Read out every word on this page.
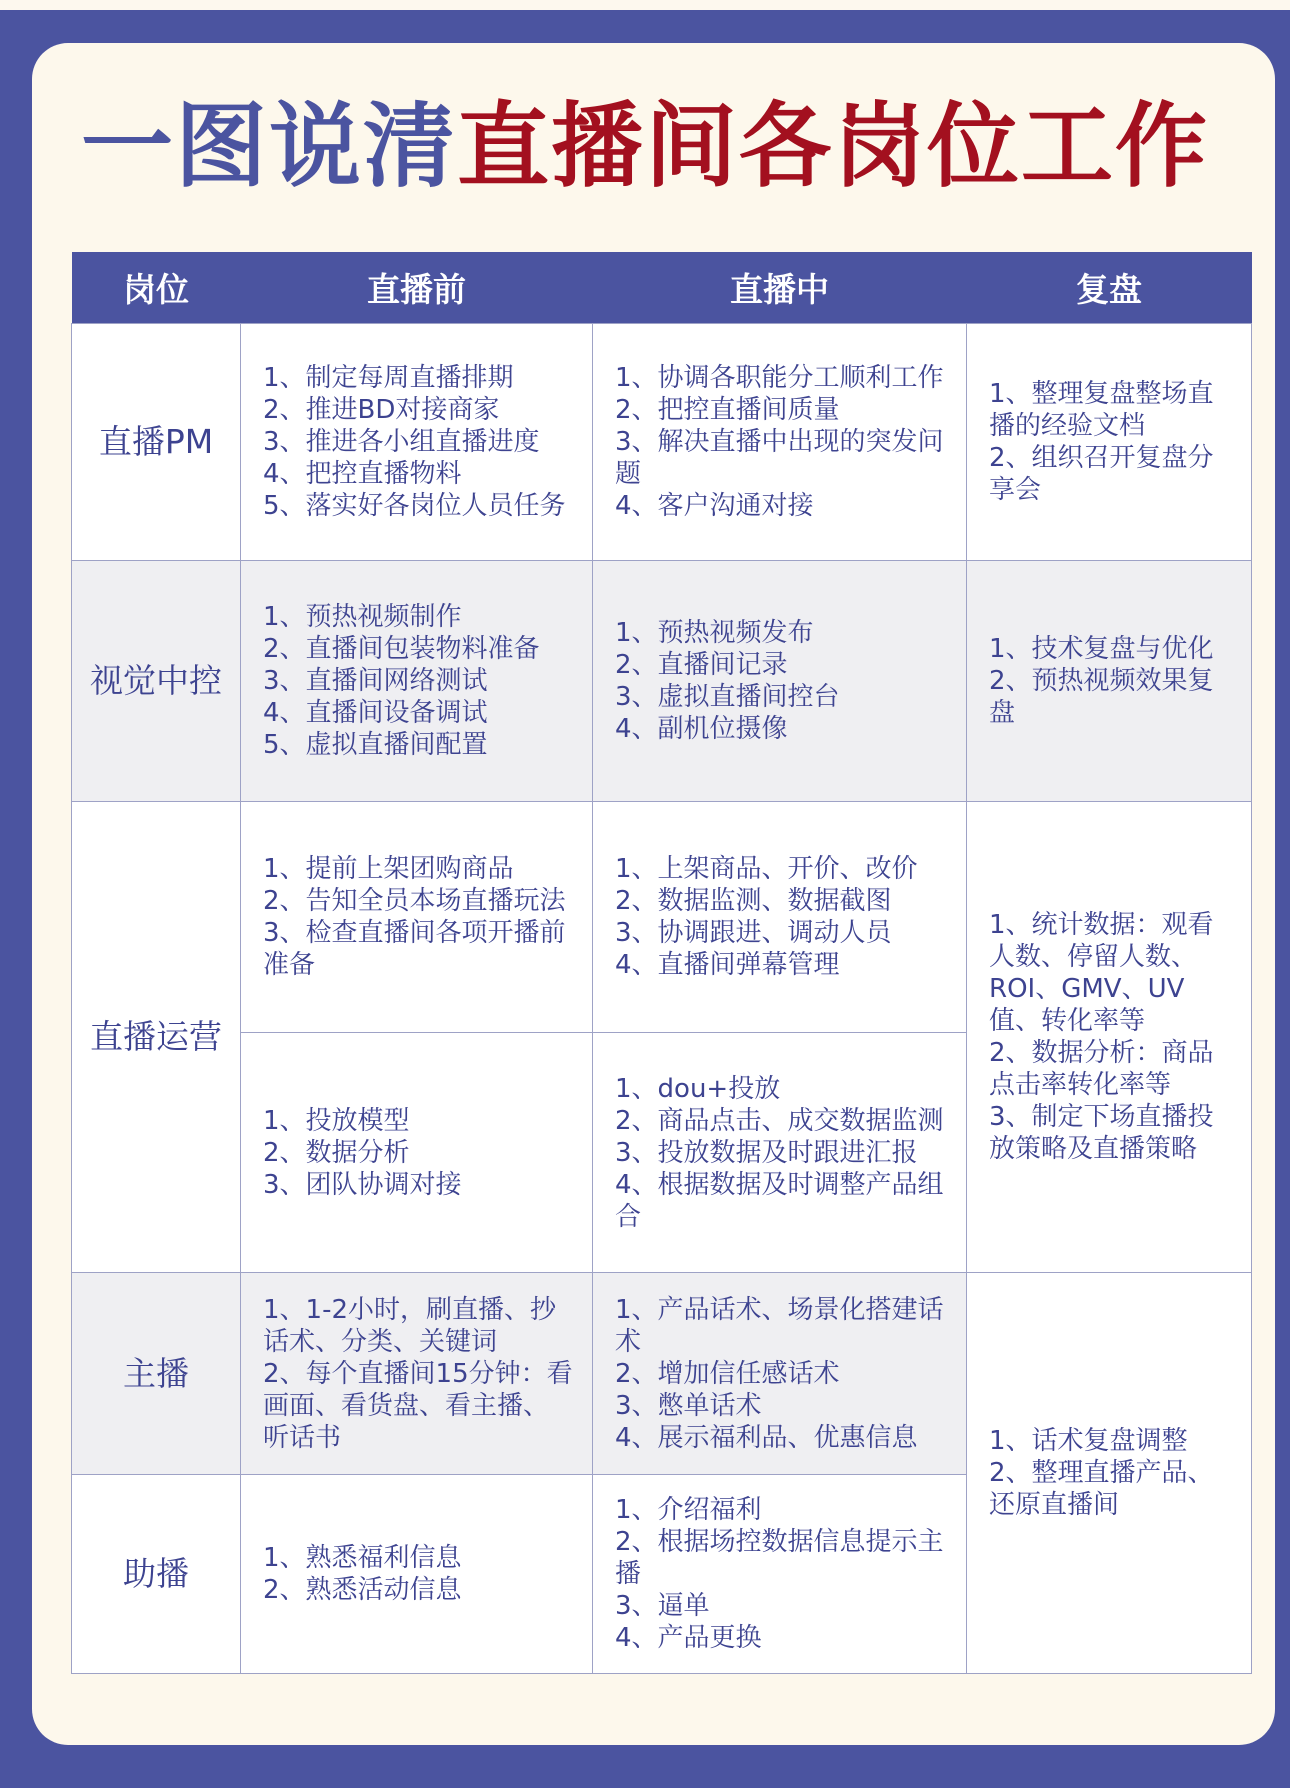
一图说清直播间各岗位工作
岗位	直播前	直播中	复盘
直播PM	1、制定每周直播排期
2、推进BD对接商家
3、推进各小组直播进度
4、把控直播物料
5、落实好各岗位人员任务	1、协调各职能分工顺利工作
2、把控直播间质量
3、解决直播中出现的突发问题
4、客户沟通对接	1、整理复盘整场直播的经验文档
2、组织召开复盘分享会

视觉中控	1、预热视频制作
2、直播间包装物料准备
3、直播间网络测试
4、直播间设备调试
5、虚拟直播间配置	1、预热视频发布
2、直播间记录
3、虚拟直播间控台
4、副机位摄像	1、技术复盘与优化
2、预热视频效果复盘

直播运营	1、提前上架团购商品
2、告知全员本场直播玩法
3、检查直播间各项开播前准备	1、上架商品、开价、改价
2、数据监测、数据截图
3、协调跟进、调动人员
4、直播间弹幕管理	1、统计数据：观看人数、停留人数、ROI、GMV、UV值、转化率等
2、数据分析：商品点击率转化率等
3、制定下场直播投放策略及直播策略

	1、投放模型
2、数据分析
3、团队协调对接	1、dou+投放
2、商品点击、成交数据监测
3、投放数据及时跟进汇报
4、根据数据及时调整产品组合	

主播	1、1-2小时，刷直播、抄话术、分类、关键词
2、每个直播间15分钟：看画面、看货盘、看主播、听话书	1、产品话术、场景化搭建话术
2、增加信任感话术
3、憋单话术
4、展示福利品、优惠信息	1、话术复盘调整
2、整理直播产品、还原直播间

助播	1、熟悉福利信息
2、熟悉活动信息	1、介绍福利
2、根据场控数据信息提示主播
3、逼单
4、产品更换	
